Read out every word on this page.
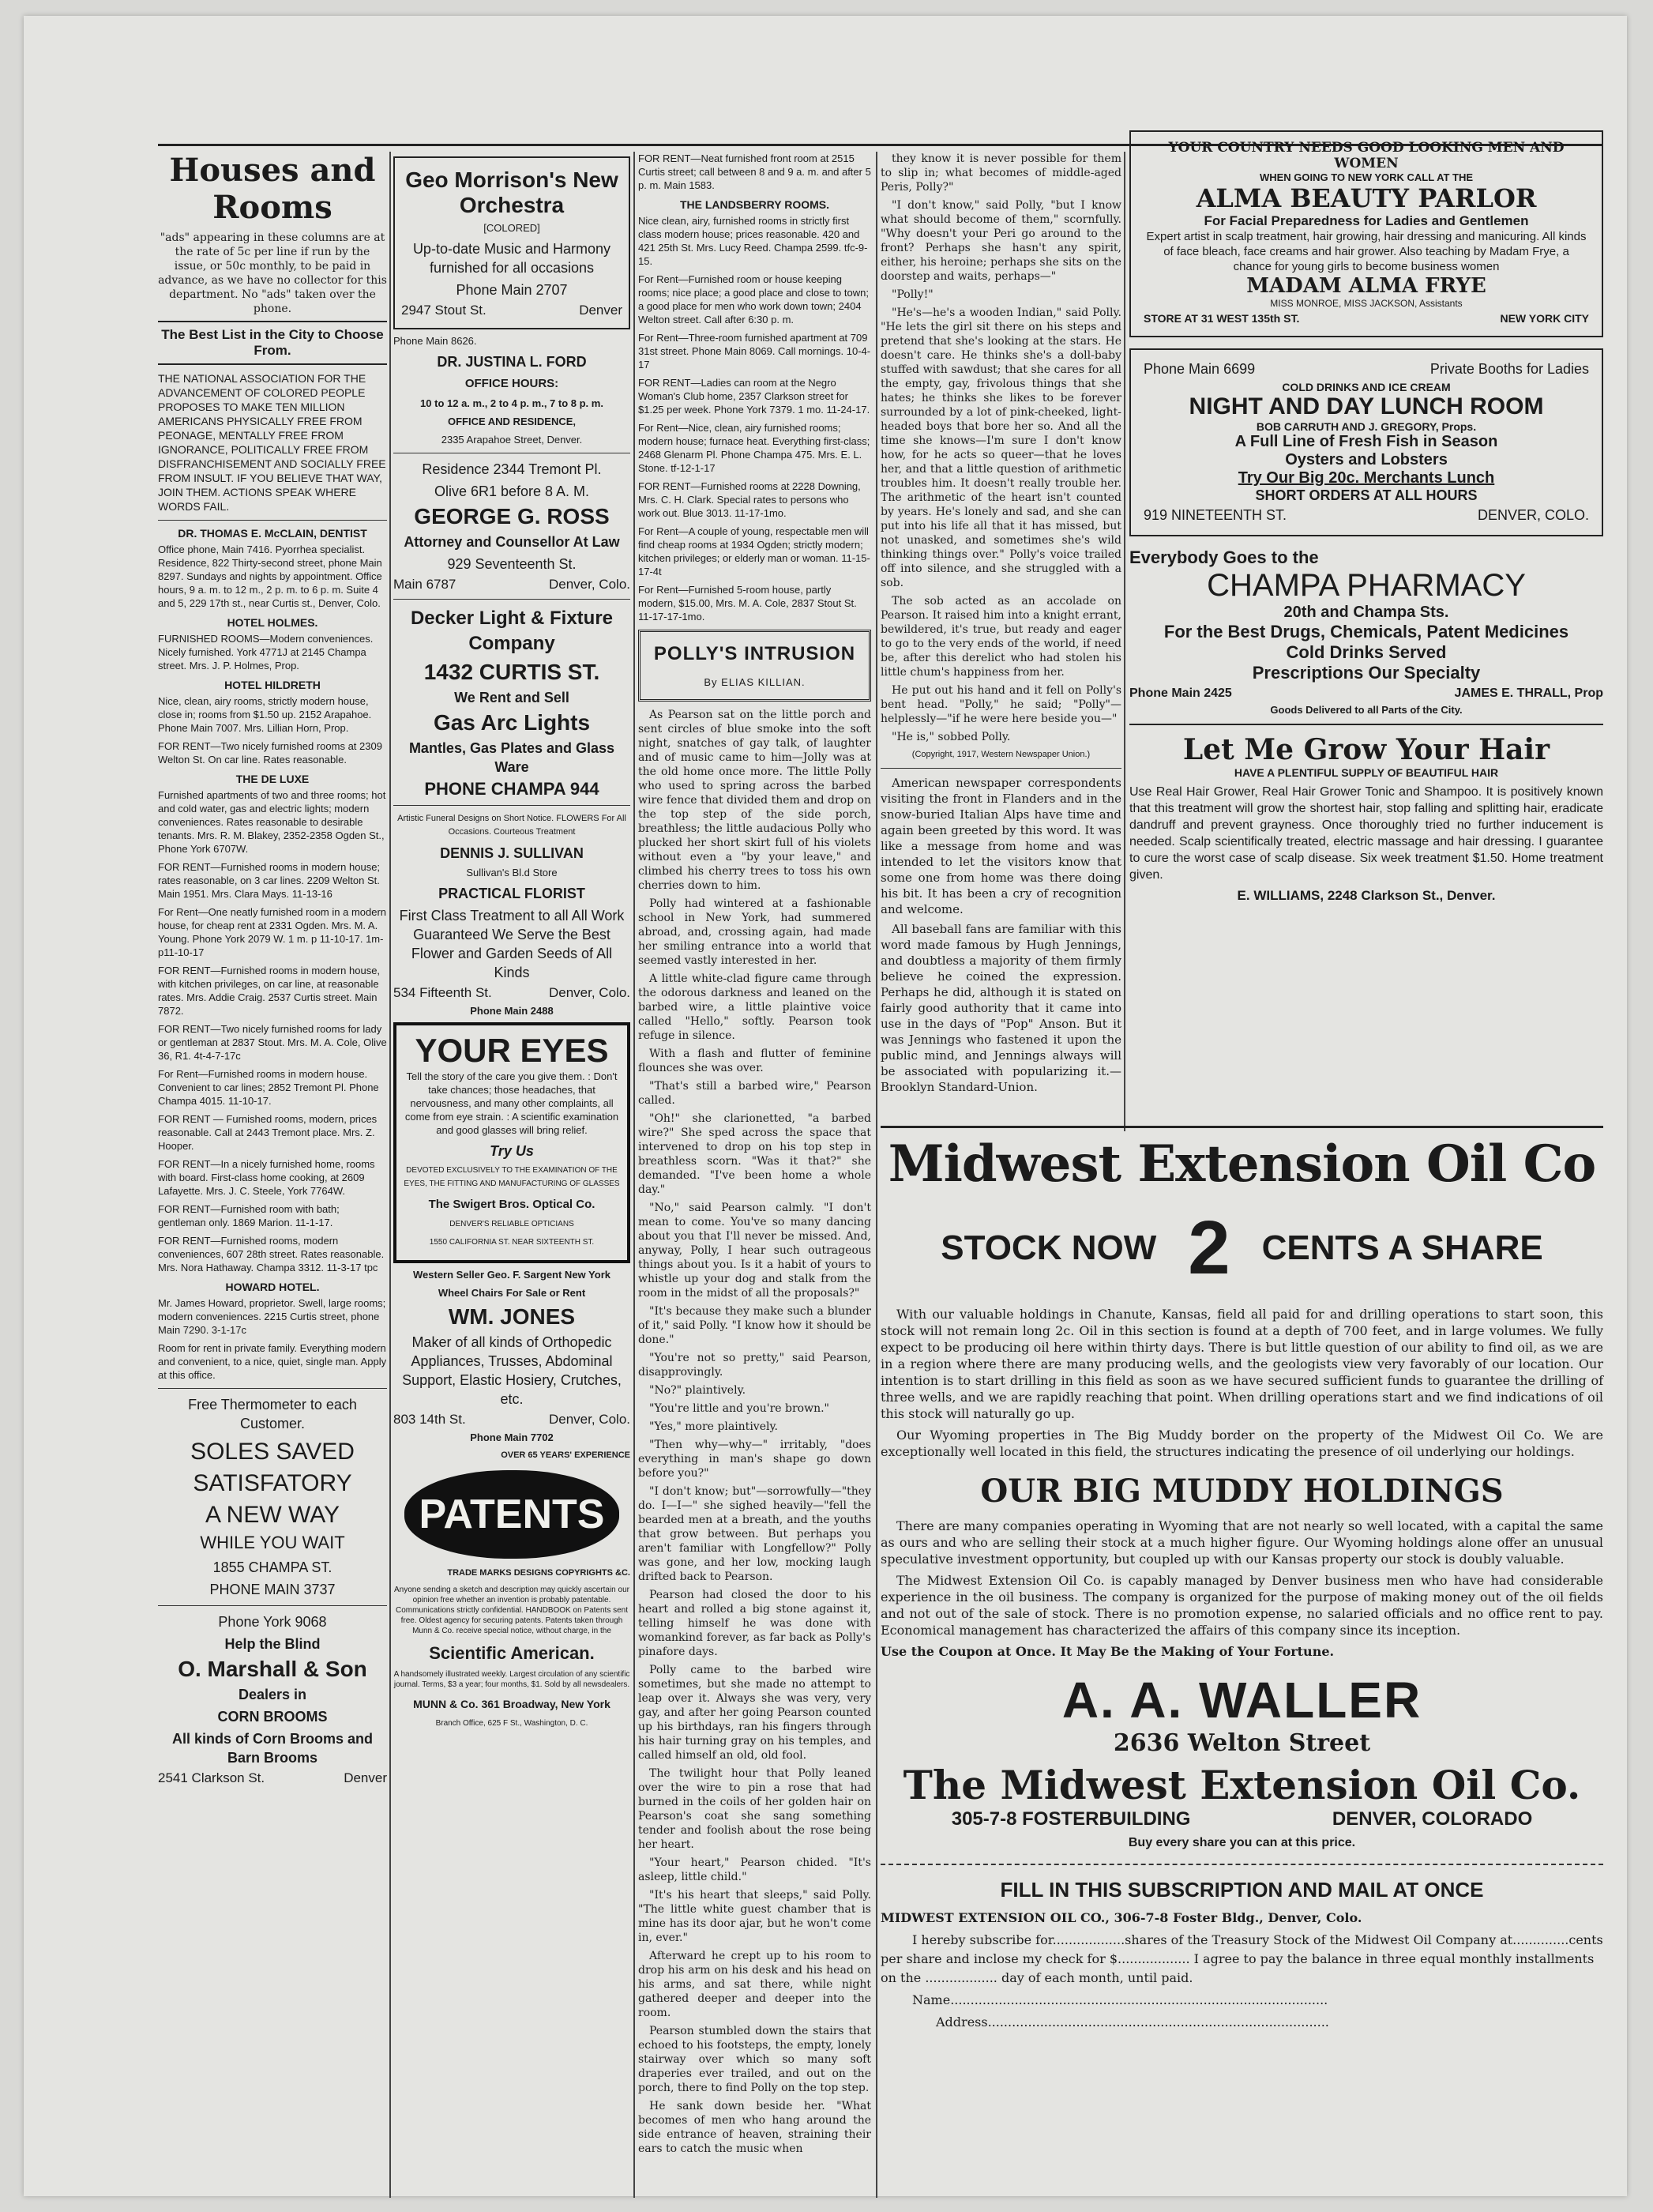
Houses and Rooms

"ads" appearing in these columns are at the rate of 5c per line if run by the issue, or 50c monthly, to be paid in advance, as we have no collector for this department. No "ads" taken over the phone.

The Best List in the City to Choose From.

THE NATIONAL ASSOCIATION FOR THE ADVANCEMENT OF COLORED PEOPLE PROPOSES TO MAKE TEN MILLION AMERICANS PHYSICALLY FREE FROM PEONAGE, MENTALLY FREE FROM IGNORANCE, POLITICALLY FREE FROM DISFRANCHISEMENT AND SOCIALLY FREE FROM INSULT. IF YOU BELIEVE THAT WAY, JOIN THEM. ACTIONS SPEAK WHERE WORDS FAIL.

DR. THOMAS E. McCLAIN, DENTIST

Office phone, Main 7416. Pyorrhea specialist. Residence, 822 Thirty-second street, phone Main 8297. Sundays and nights by appointment. Office hours, 9 a. m. to 12 m., 2 p. m. to 6 p. m. Suite 4 and 5, 229 17th st., near Curtis st., Denver, Colo.

HOTEL HOLMES.

FURNISHED ROOMS—Modern conveniences. Nicely furnished. York 4771J at 2145 Champa street. Mrs. J. P. Holmes, Prop.

HOTEL HILDRETH

Nice, clean, airy rooms, strictly modern house, close in; rooms from $1.50 up. 2152 Arapahoe. Phone Main 7007. Mrs. Lillian Horn, Prop.

FOR RENT—Two nicely furnished rooms at 2309 Welton St. On car line. Rates reasonable.

THE DE LUXE

Furnished apartments of two and three rooms; hot and cold water, gas and electric lights; modern conveniences. Rates reasonable to desirable tenants. Mrs. R. M. Blakey, 2352-2358 Ogden St., Phone York 6707W.

FOR RENT—Furnished rooms in modern house; rates reasonable, on 3 car lines. 2209 Welton St. Main 1951. Mrs. Clara Mays. 11-13-16

For Rent—One neatly furnished room in a modern house, for cheap rent at 2331 Ogden. Mrs. M. A. Young. Phone York 2079 W. 1 m. p 11-10-17. 1m-p11-10-17

FOR RENT—Furnished rooms in modern house, with kitchen privileges, on car line, at reasonable rates. Mrs. Addie Craig. 2537 Curtis street. Main 7872.

FOR RENT—Two nicely furnished rooms for lady or gentleman at 2837 Stout. Mrs. M. A. Cole, Olive 36, R1. 4t-4-7-17c

For Rent—Furnished rooms in modern house. Convenient to car lines; 2852 Tremont Pl. Phone Champa 4015. 11-10-17.

FOR RENT — Furnished rooms, modern, prices reasonable. Call at 2443 Tremont place. Mrs. Z. Hooper.

FOR RENT—In a nicely furnished home, rooms with board. First-class home cooking, at 2609 Lafayette. Mrs. J. C. Steele, York 7764W.

FOR RENT—Furnished room with bath; gentleman only. 1869 Marion. 11-1-17.

FOR RENT—Furnished rooms, modern conveniences, 607 28th street. Rates reasonable. Mrs. Nora Hathaway. Champa 3312. 11-3-17 tpc

HOWARD HOTEL.

Mr. James Howard, proprietor. Swell, large rooms; modern conveniences. 2215 Curtis street, phone Main 7290. 3-1-17c

Room for rent in private family. Everything modern and convenient, to a nice, quiet, single man. Apply at this office.

Free Thermometer to each Customer.
SOLES SAVED
SATISFATORY
A NEW WAY
WHILE YOU WAIT
1855 CHAMPA ST.
PHONE MAIN 3737
Phone York 9068
Help the Blind
O. Marshall & Son
Dealers in
CORN BROOMS
All kinds of Corn Brooms and Barn Brooms
2541 Clarkson St.	Denver
Geo Morrison's New Orchestra
[COLORED]
Up-to-date Music and Harmony furnished for all occasions
Phone Main 2707
2947 Stout St.	Denver
Phone Main 8626.
DR. JUSTINA L. FORD
OFFICE HOURS:
10 to 12 a. m., 2 to 4 p. m., 7 to 8 p. m.
OFFICE AND RESIDENCE,
2335 Arapahoe Street, Denver.
Residence 2344 Tremont Pl.
Olive 6R1 before 8 A. M.
GEORGE G. ROSS
Attorney and Counsellor At Law
929 Seventeenth St.
Main 6787	Denver, Colo.
Decker Light & Fixture Company
1432 CURTIS ST.
We Rent and Sell
Gas Arc Lights
Mantles, Gas Plates and Glass Ware
PHONE CHAMPA 944
Artistic Funeral Designs on Short Notice. FLOWERS For All Occasions. Courteous Treatment
DENNIS J. SULLIVAN
Sullivan's Bl.d Store
PRACTICAL FLORIST
First Class Treatment to all All Work Guaranteed We Serve the Best Flower and Garden Seeds of All Kinds
534 Fifteenth St.	Denver, Colo.
Phone Main 2488
YOUR EYES
Tell the story of the care you give them. : Don't take chances; those headaches, that nervousness, and many other complaints, all come from eye strain. : A scientific examination and good glasses will bring relief.
Try Us
DEVOTED EXCLUSIVELY TO THE EXAMINATION OF THE EYES, THE FITTING AND MANUFACTURING OF GLASSES
The Swigert Bros. Optical Co.
DENVER'S RELIABLE OPTICIANS
1550 CALIFORNIA ST. NEAR SIXTEENTH ST.
Western Seller Geo. F. Sargent New York
Wheel Chairs For Sale or Rent
WM. JONES
Maker of all kinds of Orthopedic Appliances, Trusses, Abdominal Support, Elastic Hosiery, Crutches, etc.
803 14th St.	Denver, Colo.
Phone Main 7702
OVER 65 YEARS' EXPERIENCE
PATENTS
TRADE MARKS DESIGNS COPYRIGHTS &C.
Anyone sending a sketch and description may quickly ascertain our opinion free whether an invention is probably patentable. Communications strictly confidential. HANDBOOK on Patents sent free. Oldest agency for securing patents. Patents taken through Munn & Co. receive special notice, without charge, in the
Scientific American.
A handsomely illustrated weekly. Largest circulation of any scientific journal. Terms, $3 a year; four months, $1. Sold by all newsdealers.
MUNN & Co. 361 Broadway, New York
Branch Office, 625 F St., Washington, D. C.

FOR RENT—Neat furnished front room at 2515 Curtis street; call between 8 and 9 a. m. and after 5 p. m. Main 1583.

THE LANDSBERRY ROOMS.

Nice clean, airy, furnished rooms in strictly first class modern house; prices reasonable. 420 and 421 25th St. Mrs. Lucy Reed. Champa 2599. tfc-9-15.

For Rent—Furnished room or house keeping rooms; nice place; a good place and close to town; a good place for men who work down town; 2404 Welton street. Call after 6:30 p. m.

For Rent—Three-room furnished apartment at 709 31st street. Phone Main 8069. Call mornings. 10-4-17

FOR RENT—Ladies can room at the Negro Woman's Club home, 2357 Clarkson street for $1.25 per week. Phone York 7379. 1 mo. 11-24-17.

For Rent—Nice, clean, airy furnished rooms; modern house; furnace heat. Everything first-class; 2468 Glenarm Pl. Phone Champa 475. Mrs. E. L. Stone. tf-12-1-17

FOR RENT—Furnished rooms at 2228 Downing, Mrs. C. H. Clark. Special rates to persons who work out. Blue 3013. 11-17-1mo.

For Rent—A couple of young, respectable men will find cheap rooms at 1934 Ogden; strictly modern; kitchen privileges; or elderly man or woman. 11-15-17-4t

For Rent—Furnished 5-room house, partly modern, $15.00, Mrs. M. A. Cole, 2837 Stout St. 11-17-17-1mo.

POLLY'S INTRUSION
By ELIAS KILLIAN.

As Pearson sat on the little porch and sent circles of blue smoke into the soft night, snatches of gay talk, of laughter and of music came to him—Jolly was at the old home once more. The little Polly who used to spring across the barbed wire fence that divided them and drop on the top step of the side porch, breathless; the little audacious Polly who plucked her short skirt full of his violets without even a "by your leave," and climbed his cherry trees to toss his own cherries down to him.

Polly had wintered at a fashionable school in New York, had summered abroad, and, crossing again, had made her smiling entrance into a world that seemed vastly interested in her.

A little white-clad figure came through the odorous darkness and leaned on the barbed wire, a little plaintive voice called "Hello," softly. Pearson took refuge in silence.

With a flash and flutter of feminine flounces she was over.

"That's still a barbed wire," Pearson called.

"Oh!" she clarionetted, "a barbed wire?" She sped across the space that intervened to drop on his top step in breathless scorn. "Was it that?" she demanded. "I've been home a whole day."

"No," said Pearson calmly. "I don't mean to come. You've so many dancing about you that I'll never be missed. And, anyway, Polly, I hear such outrageous things about you. Is it a habit of yours to whistle up your dog and stalk from the room in the midst of all the proposals?"

"It's because they make such a blunder of it," said Polly. "I know how it should be done."

"You're not so pretty," said Pearson, disapprovingly.

"No?" plaintively.

"You're little and you're brown."

"Yes," more plaintively.

"Then why—why—" irritably, "does everything in man's shape go down before you?"

"I don't know; but"—sorrowfully—"they do. I—I—" she sighed heavily—"fell the bearded men at a breath, and the youths that grow between. But perhaps you aren't familiar with Longfellow?" Polly was gone, and her low, mocking laugh drifted back to Pearson.

Pearson had closed the door to his heart and rolled a big stone against it, telling himself he was done with womankind forever, as far back as Polly's pinafore days.

Polly came to the barbed wire sometimes, but she made no attempt to leap over it. Always she was very, very gay, and after her going Pearson counted up his birthdays, ran his fingers through his hair turning gray on his temples, and called himself an old, old fool.

The twilight hour that Polly leaned over the wire to pin a rose that had burned in the coils of her golden hair on Pearson's coat she sang something tender and foolish about the rose being her heart.

"Your heart," Pearson chided. "It's asleep, little child."

"It's his heart that sleeps," said Polly. "The little white guest chamber that is mine has its door ajar, but he won't come in, ever."

Afterward he crept up to his room to drop his arm on his desk and his head on his arms, and sat there, while night gathered deeper and deeper into the room.

Pearson stumbled down the stairs that echoed to his footsteps, the empty, lonely stairway over which so many soft draperies ever trailed, and out on the porch, there to find Polly on the top step.

He sank down beside her. "What becomes of men who hang around the side entrance of heaven, straining their ears to catch the music when

they know it is never possible for them to slip in; what becomes of middle-aged Peris, Polly?"

"I don't know," said Polly, "but I know what should become of them," scornfully. "Why doesn't your Peri go around to the front? Perhaps she hasn't any spirit, either, his heroine; perhaps she sits on the doorstep and waits, perhaps—"

"Polly!"

"He's—he's a wooden Indian," said Polly. "He lets the girl sit there on his steps and pretend that she's looking at the stars. He doesn't care. He thinks she's a doll-baby stuffed with sawdust; that she cares for all the empty, gay, frivolous things that she hates; he thinks she likes to be forever surrounded by a lot of pink-cheeked, light-headed boys that bore her so. And all the time she knows—I'm sure I don't know how, for he acts so queer—that he loves her, and that a little question of arithmetic troubles him. It doesn't really trouble her. The arithmetic of the heart isn't counted by years. He's lonely and sad, and she can put into his life all that it has missed, but not unasked, and sometimes she's wild thinking things over." Polly's voice trailed off into silence, and she struggled with a sob.

The sob acted as an accolade on Pearson. It raised him into a knight errant, bewildered, it's true, but ready and eager to go to the very ends of the world, if need be, after this derelict who had stolen his little chum's happiness from her.

He put out his hand and it fell on Polly's bent head. "Polly," he said; "Polly"—helplessly—"if he were here beside you—"

"He is," sobbed Polly.

(Copyright, 1917, Western Newspaper Union.)

American newspaper correspondents visiting the front in Flanders and in the snow-buried Italian Alps have time and again been greeted by this word. It was like a message from home and was intended to let the visitors know that some one from home was there doing his bit. It has been a cry of recognition and welcome.

All baseball fans are familiar with this word made famous by Hugh Jennings, and doubtless a majority of them firmly believe he coined the expression. Perhaps he did, although it is stated on fairly good authority that it came into use in the days of "Pop" Anson. But it was Jennings who fastened it upon the public mind, and Jennings always will be associated with popularizing it.—Brooklyn Standard-Union.

YOUR COUNTRY NEEDS GOOD LOOKING MEN AND WOMEN
WHEN GOING TO NEW YORK CALL AT THE
ALMA BEAUTY PARLOR
For Facial Preparedness for Ladies and Gentlemen
Expert artist in scalp treatment, hair growing, hair dressing and manicuring. All kinds of face bleach, face creams and hair grower. Also teaching by Madam Frye, a chance for young girls to become business women
MADAM ALMA FRYE
MISS MONROE, MISS JACKSON, Assistants
STORE AT 31 WEST 135th ST.	NEW YORK CITY
Phone Main 6699	Private Booths for Ladies
COLD DRINKS AND ICE CREAM
NIGHT AND DAY LUNCH ROOM
BOB CARRUTH AND J. GREGORY, Props.
A Full Line of Fresh Fish in Season
Oysters and Lobsters
Try Our Big 20c. Merchants Lunch
SHORT ORDERS AT ALL HOURS
919 NINETEENTH ST.	DENVER, COLO.
Everybody Goes to the
CHAMPA PHARMACY
20th and Champa Sts.
For the Best Drugs, Chemicals, Patent Medicines
Cold Drinks Served
Prescriptions Our Specialty
Phone Main 2425	JAMES E. THRALL, Prop
Goods Delivered to all Parts of the City.
Let Me Grow Your Hair
HAVE A PLENTIFUL SUPPLY OF BEAUTIFUL HAIR
Use Real Hair Grower, Real Hair Grower Tonic and Shampoo. It is positively known that this treatment will grow the shortest hair, stop falling and splitting hair, eradicate dandruff and prevent grayness. Once thoroughly tried no further inducement is needed. Scalp scientifically treated, electric massage and hair dressing. I guarantee to cure the worst case of scalp disease. Six week treatment $1.50. Home treatment given.
E. WILLIAMS, 2248 Clarkson St., Denver.
Midwest Extension Oil Co
STOCK NOW 2 CENTS A SHARE

With our valuable holdings in Chanute, Kansas, field all paid for and drilling operations to start soon, this stock will not remain long 2c. Oil in this section is found at a depth of 700 feet, and in large volumes. We fully expect to be producing oil here within thirty days. There is but little question of our ability to find oil, as we are in a region where there are many producing wells, and the geologists view very favorably of our location. Our intention is to start drilling in this field as soon as we have secured sufficient funds to guarantee the drilling of three wells, and we are rapidly reaching that point. When drilling operations start and we find indications of oil this stock will naturally go up.

Our Wyoming properties in The Big Muddy border on the property of the Midwest Oil Co. We are exceptionally well located in this field, the structures indicating the presence of oil underlying our holdings.

OUR BIG MUDDY HOLDINGS

There are many companies operating in Wyoming that are not nearly so well located, with a capital the same as ours and who are selling their stock at a much higher figure. Our Wyoming holdings alone offer an unusual speculative investment opportunity, but coupled up with our Kansas property our stock is doubly valuable.

The Midwest Extension Oil Co. is capably managed by Denver business men who have had considerable experience in the oil business. The company is organized for the purpose of making money out of the oil fields and not out of the sale of stock. There is no promotion expense, no salaried officials and no office rent to pay. Economical management has characterized the affairs of this company since its inception.

Use the Coupon at Once. It May Be the Making of Your Fortune.

A. A. WALLER
2636 Welton Street
The Midwest Extension Oil Co.
305-7-8 FOSTERBUILDING	DENVER, COLORADO
Buy every share you can at this price.
FILL IN THIS SUBSCRIPTION AND MAIL AT ONCE

MIDWEST EXTENSION OIL CO., 306-7-8 Foster Bldg., Denver, Colo.

I hereby subscribe for..................shares of the Treasury Stock of the Midwest Oil Company at..............cents per share and inclose my check for $.................. I agree to pay the balance in three equal monthly installments on the .................. day of each month, until paid.

Name..............................................................................................

Address.....................................................................................
